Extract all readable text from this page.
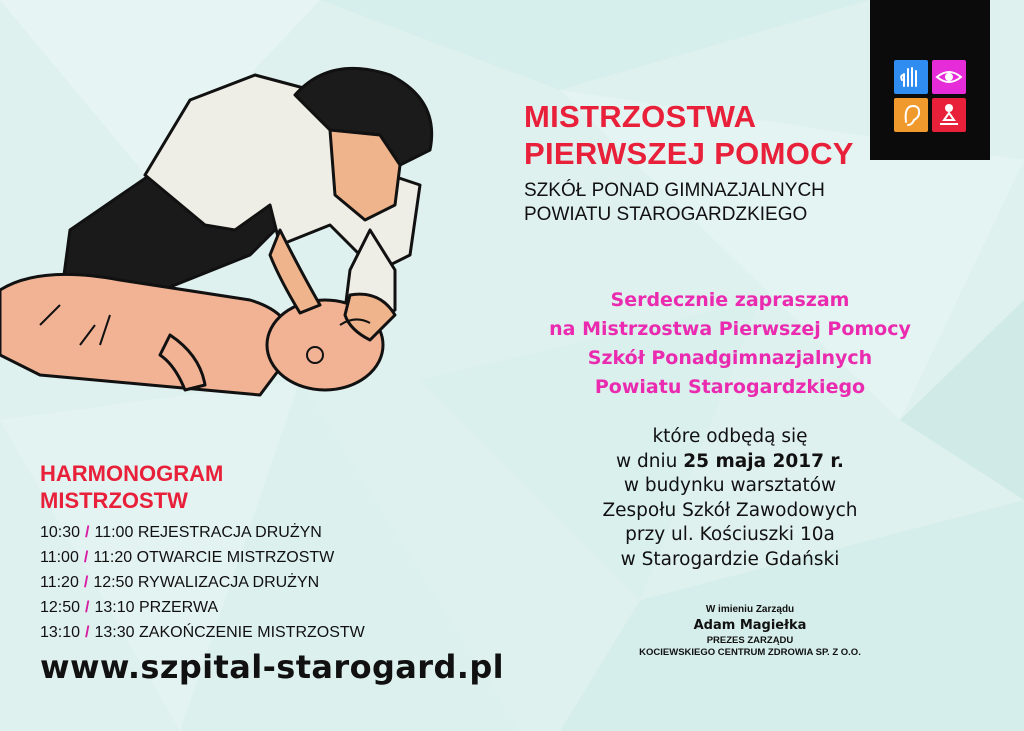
MISTRZOSTWA
PIERWSZEJ POMOCY
SZKÓŁ PONAD GIMNAZJALNYCH
POWIATU STAROGARDZKIEGO
Serdecznie zapraszam
na Mistrzostwa Pierwszej Pomocy
Szkół Ponadgimnazjalnych
Powiatu Starogardzkiego
które odbędą się
w dniu 25 maja 2017 r.
w budynku warsztatów
Zespołu Szkół Zawodowych
przy ul. Kościuszki 10a
w Starogardzie Gdański
W imieniu Zarządu
Adam Magiełka
PREZES ZARZĄDU
KOCIEWSKIEGO CENTRUM ZDROWIA SP. Z O.O.
HARMONOGRAM
MISTRZOSTW
10:30 / 11:00 REJESTRACJA DRUŻYN
11:00 / 11:20 OTWARCIE MISTRZOSTW
11:20 / 12:50 RYWALIZACJA DRUŻYN
12:50 / 13:10 PRZERWA
13:10 / 13:30 ZAKOŃCZENIE MISTRZOSTW
www.szpital-starogard.pl
